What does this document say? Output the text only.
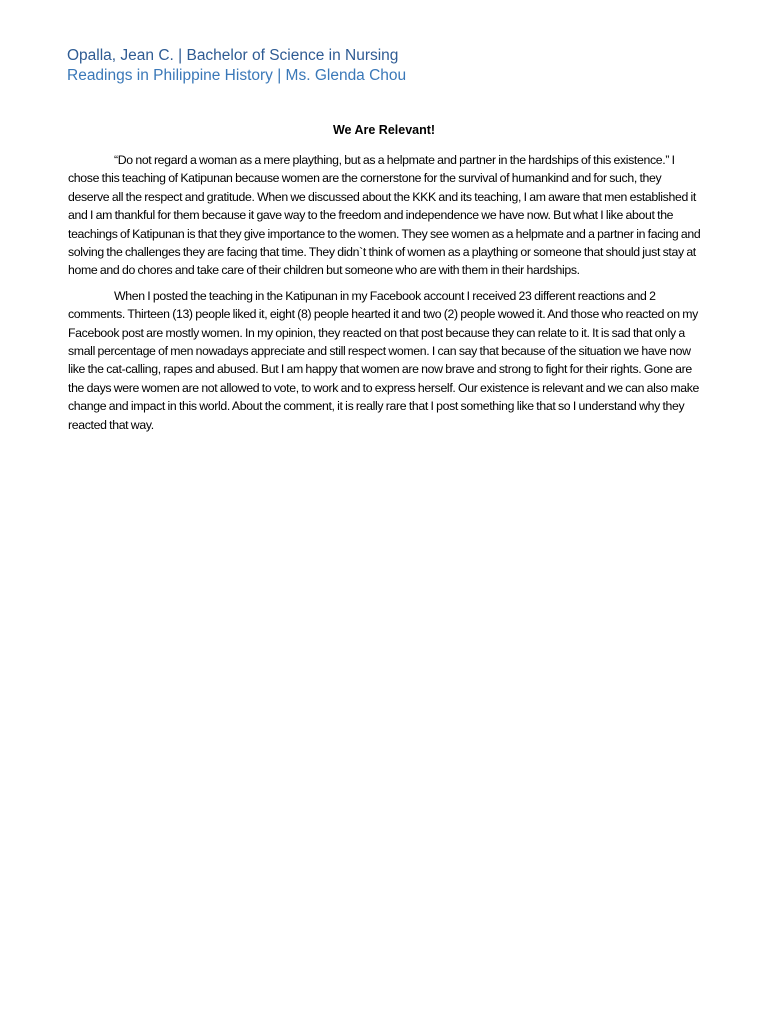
Opalla, Jean C. | Bachelor of Science in Nursing
Readings in Philippine History | Ms. Glenda Chou
We Are Relevant!

“Do not regard a woman as a mere plaything, but as a helpmate and partner in the hardships of this existence.” I chose this teaching of Katipunan because women are the cornerstone for the survival of humankind and for such, they deserve all the respect and gratitude. When we discussed about the KKK and its teaching, I am aware that men established it and I am thankful for them because it gave way to the freedom and independence we have now. But what I like about the teachings of Katipunan is that they give importance to the women. They see women as a helpmate and a partner in facing and solving the challenges they are facing that time. They didn`t think of women as a plaything or someone that should just stay at home and do chores and take care of their children but someone who are with them in their hardships.

When I posted the teaching in the Katipunan in my Facebook account I received 23 different reactions and 2 comments. Thirteen (13) people liked it, eight (8) people hearted it and two (2) people wowed it. And those who reacted on my Facebook post are mostly women. In my opinion, they reacted on that post because they can relate to it. It is sad that only a small percentage of men nowadays appreciate and still respect women. I can say that because of the situation we have now like the cat-calling, rapes and abused. But I am happy that women are now brave and strong to fight for their rights. Gone are the days were women are not allowed to vote, to work and to express herself. Our existence is relevant and we can also make change and impact in this world. About the comment, it is really rare that I post something like that so I understand why they reacted that way.
